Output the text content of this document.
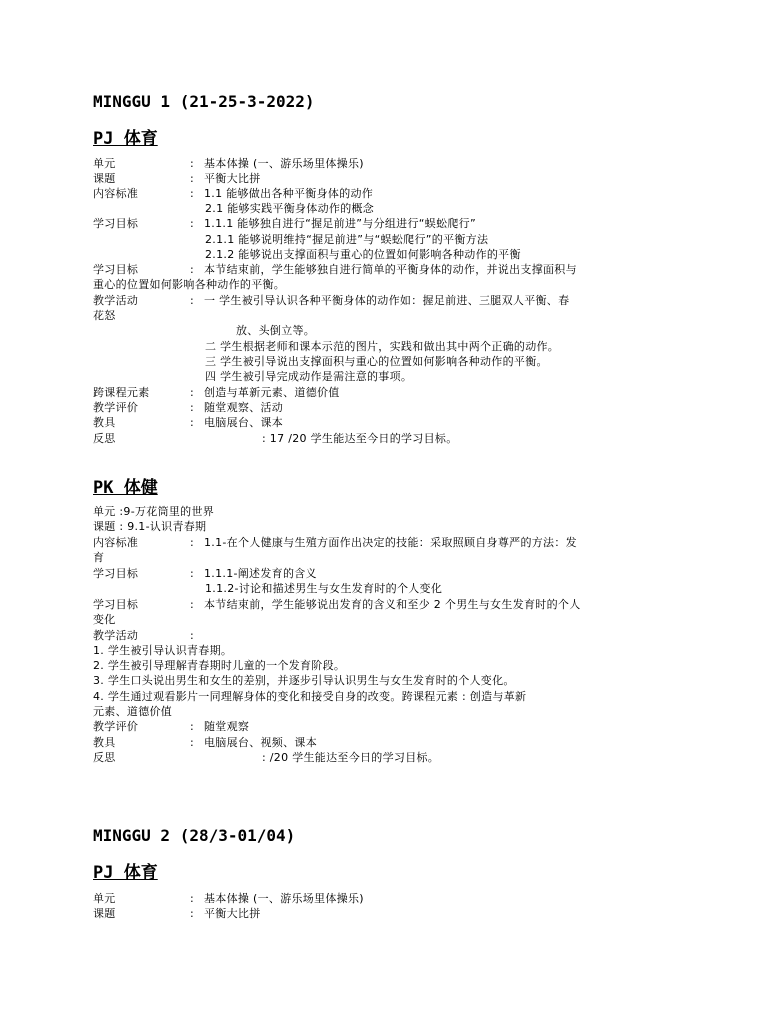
MINGGU 1 (21-25-3-2022)
PJ 体育
单元	: 基本体操 (一、游乐场里体操乐)
课题	: 平衡大比拼
内容标准	: 1.1 能够做出各种平衡身体的动作
2.1 能够实践平衡身体动作的概念
学习目标	: 1.1.1 能够独自进行“握足前进”与分组进行“蜈蚣爬行”
2.1.1 能够说明维持“握足前进”与“蜈蚣爬行”的平衡方法
2.1.2 能够说出支撑面积与重心的位置如何影响各种动作的平衡
学习目标	: 本节结束前，学生能够独自进行简单的平衡身体的动作，并说出支撑面积与
重心的位置如何影响各种动作的平衡。
教学活动	: 一 学生被引导认识各种平衡身体的动作如：握足前进、三腿双人平衡、春
花怒
放、头倒立等。
二 学生根据老师和课本示范的图片，实践和做出其中两个正确的动作。
三 学生被引导说出支撑面积与重心的位置如何影响各种动作的平衡。
四 学生被引导完成动作是需注意的事项。
跨课程元素	: 创造与革新元素、道德价值
教学评价	: 随堂观察、活动
教具	: 电脑展台、课本
反思	: 17 /20 学生能达至今日的学习目标。
PK 体健
单元 :9-万花筒里的世界
课题 : 9.1-认识青春期
内容标准	: 1.1-在个人健康与生殖方面作出决定的技能：采取照顾自身尊严的方法：发
育
学习目标	: 1.1.1-阐述发育的含义
1.1.2-讨论和描述男生与女生发育时的个人变化
学习目标	: 本节结束前，学生能够说出发育的含义和至少 2 个男生与女生发育时的个人
变化
教学活动	:
1. 学生被引导认识青春期。
2. 学生被引导理解青春期时儿童的一个发育阶段。
3. 学生口头说出男生和女生的差别，并逐步引导认识男生与女生发育时的个人变化。
4. 学生通过观看影片一同理解身体的变化和接受自身的改变。跨课程元素 : 创造与革新
元素、道德价值
教学评价	: 随堂观察
教具	: 电脑展台、视频、课本
反思	: /20 学生能达至今日的学习目标。
MINGGU 2 (28/3-01/04)
PJ 体育
单元	: 基本体操 (一、游乐场里体操乐)
课题	: 平衡大比拼
